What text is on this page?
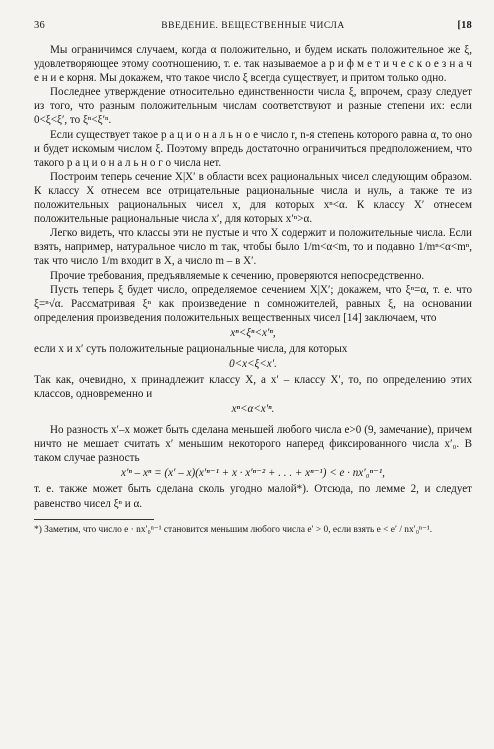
36	ВВЕДЕНИЕ. ВЕЩЕСТВЕННЫЕ ЧИСЛА	[18

Мы ограничимся случаем, когда α положительно, и будем искать положительное же ξ, удовлетворяющее этому соотношению, т. е. так называемое а р и ф м е т и ч е с к о е з н а ч е н и е корня. Мы докажем, что такое число ξ всегда существует, и притом только одно.

Последнее утверждение относительно единственности числа ξ, впрочем, сразу следует из того, что разным положительным числам соответствуют и разные степени их: если 0<ξ<ξ′, то ξⁿ<ξ′ⁿ.

Если существует такое р а ц и о н а л ь н о е число r, n-я степень которого равна α, то оно и будет искомым числом ξ. Поэтому впредь достаточно ограничиться предположением, что такого р а ц и о н а л ь н о г о числа нет.

Построим теперь сечение X|X′ в области всех рациональных чисел следующим образом. К классу X отнесем все отрицательные рациональные числа и нуль, а также те из положительных рациональных чисел x, для которых xⁿ<α. К классу X′ отнесем положительные рациональные числа x′, для которых x′ⁿ>α.

Легко видеть, что классы эти не пустые и что X содержит и положительные числа. Если взять, например, натуральное число m так, чтобы было 1/m<α<m, то и подавно 1/mⁿ<α<mⁿ, так что число 1/m входит в X, а число m – в X′.

Прочие требования, предъявляемые к сечению, проверяются непосредственно.

Пусть теперь ξ будет число, определяемое сечением X|X′; докажем, что ξⁿ=α, т. е. что ξ=ⁿ√α. Рассматривая ξⁿ как произведение n сомножителей, равных ξ, на основании определения произведения положительных вещественных чисел [14] заключаем, что

xⁿ<ξⁿ<x′ⁿ,

если x и x′ суть положительные рациональные числа, для которых

0<x<ξ<x′.

Так как, очевидно, x принадлежит классу X, а x′ – классу X′, то, по определению этих классов, одновременно и

xⁿ<α<x′ⁿ.

Но разность x′–x может быть сделана меньшей любого числа e>0 (9, замечание), причем ничто не мешает считать x′ меньшим некоторого наперед фиксированного числа x′₀. В таком случае разность

x′ⁿ – xⁿ = (x′ – x)(x′ⁿ⁻¹ + x · x′ⁿ⁻² + . . . + xⁿ⁻¹) < e · nx′₀ⁿ⁻¹,

т. е. также может быть сделана сколь угодно малой*). Отсюда, по лемме 2, и следует равенство чисел ξⁿ и α.

*) Заметим, что число e · nx′₀ⁿ⁻¹ становится меньшим любого числа e′ > 0, если взять e < e′ / nx′₀ⁿ⁻¹.
